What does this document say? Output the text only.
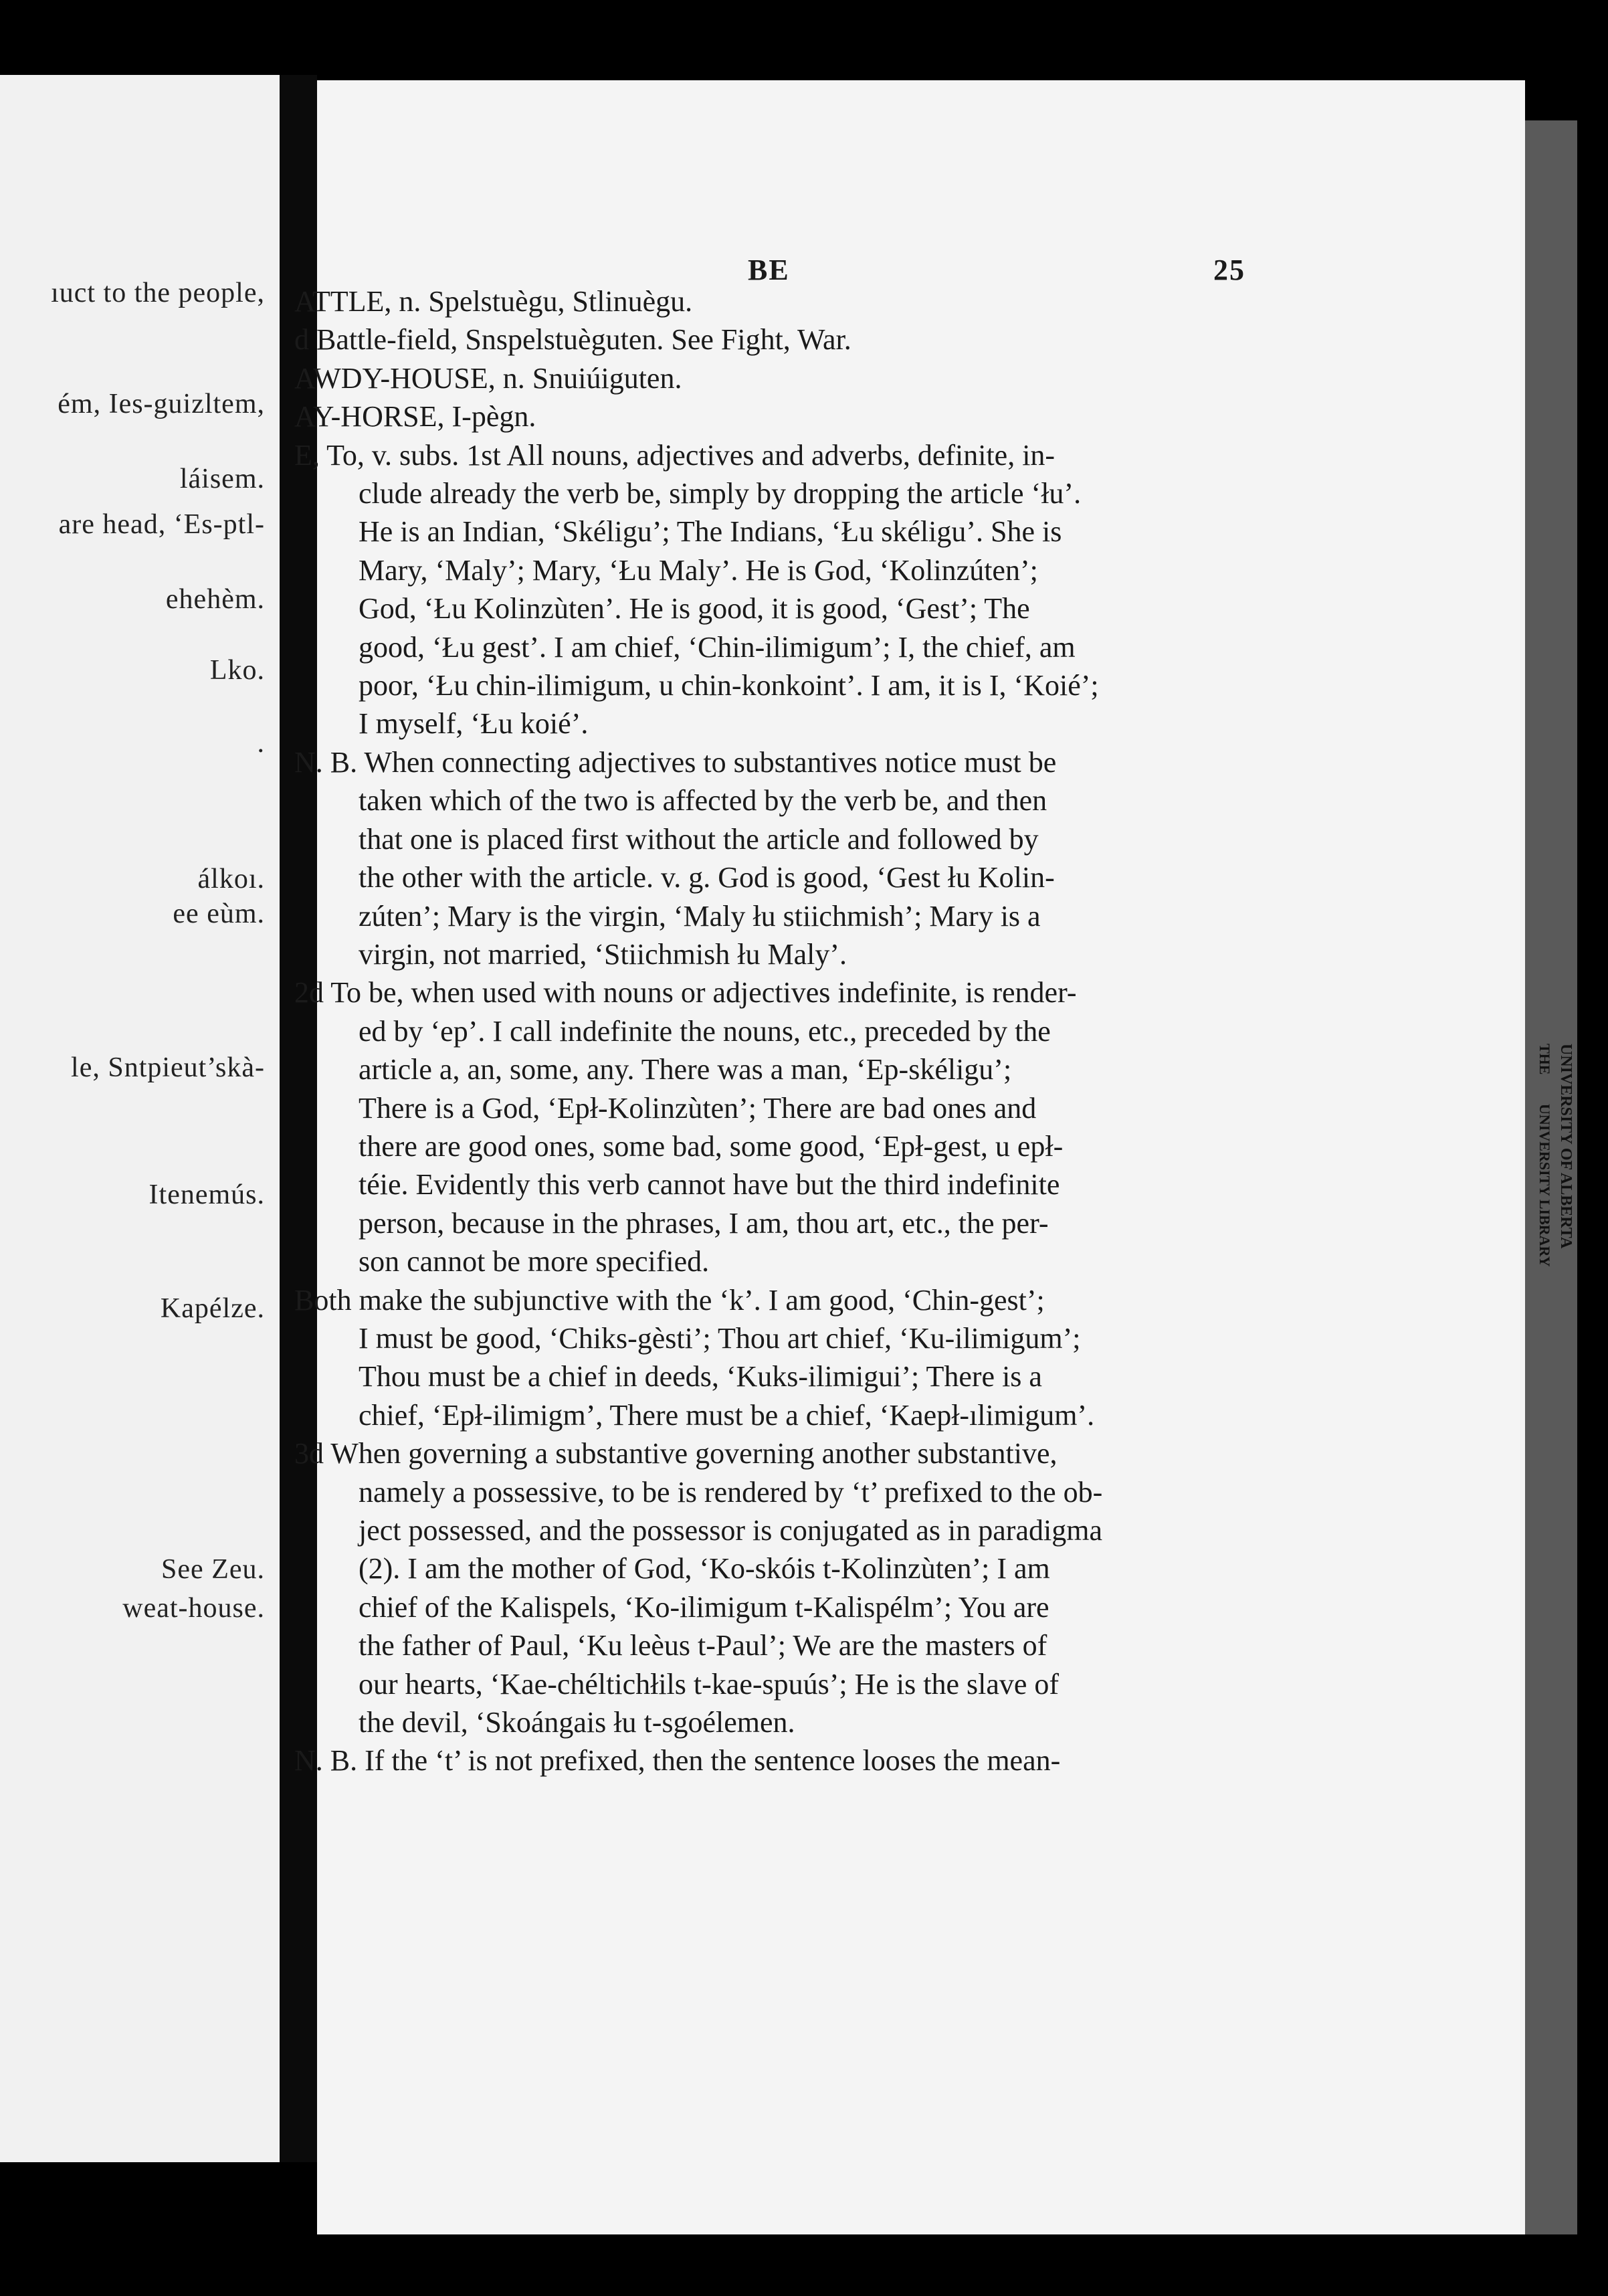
ıuct to the people,
ém, Ies-guizltem,
láisem.
are head, ‘Es-ptl-
ehehèm.
Lko.
.
álkoı.
ee eùm.
le, Sntpieut’skà-
Itenemús.
Kapélze.
See Zeu.
weat-house.
BE	25
ATTLE, n. Spelstuègu, Stlinuègu.
d Battle-field, Snspelstuèguten. See Fight, War.
AWDY-HOUSE, n. Snuiúiguten.
AY-HORSE, I-pègn.
E, To, v. subs. 1st All nouns, adjectives and adverbs, definite, in-
clude already the verb be, simply by dropping the article ‘łu’.
He is an Indian, ‘Skéligu’; The Indians, ‘Łu skéligu’. She is
Mary, ‘Maly’; Mary, ‘Łu Maly’. He is God, ‘Kolinzúten’;
God, ‘Łu Kolinzùten’. He is good, it is good, ‘Gest’; The
good, ‘Łu gest’. I am chief, ‘Chin-ilimigum’; I, the chief, am
poor, ‘Łu chin-ilimigum, u chin-konkoint’. I am, it is I, ‘Koié’;
I myself, ‘Łu koié’.
N. B. When connecting adjectives to substantives notice must be
taken which of the two is affected by the verb be, and then
that one is placed first without the article and followed by
the other with the article. v. g. God is good, ‘Gest łu Kolin-
zúten’; Mary is the virgin, ‘Maly łu stiichmish’; Mary is a
virgin, not married, ‘Stiichmish łu Maly’.
2d To be, when used with nouns or adjectives indefinite, is render-
ed by ‘ep’. I call indefinite the nouns, etc., preceded by the
article a, an, some, any. There was a man, ‘Ep-skéligu’;
There is a God, ‘Epł-Kolinzùten’; There are bad ones and
there are good ones, some bad, some good, ‘Epł-gest, u epł-
téie. Evidently this verb cannot have but the third indefinite
person, because in the phrases, I am, thou art, etc., the per-
son cannot be more specified.
Both make the subjunctive with the ‘k’. I am good, ‘Chin-gest’;
I must be good, ‘Chiks-gèsti’; Thou art chief, ‘Ku-ilimigum’;
Thou must be a chief in deeds, ‘Kuks-ilimigui’; There is a
chief, ‘Epł-ilimigm’, There must be a chief, ‘Kaepł-ılimigum’.
3d When governing a substantive governing another substantive,
namely a possessive, to be is rendered by ‘t’ prefixed to the ob-
ject possessed, and the possessor is conjugated as in paradigma
(2). I am the mother of God, ‘Ko-skóis t-Kolinzùten’; I am
chief of the Kalispels, ‘Ko-ilimigum t-Kalispélm’; You are
the father of Paul, ‘Ku leèus t-Paul’; We are the masters of
our hearts, ‘Kae-chéltichłils t-kae-spuús’; He is the slave of
the devil, ‘Skoángais łu t-sgoélemen.
N. B. If the ‘t’ is not prefixed, then the sentence looses the mean-
THE
UNIVERSITY LIBRARY UNIVERSITY OF ALBERTA
